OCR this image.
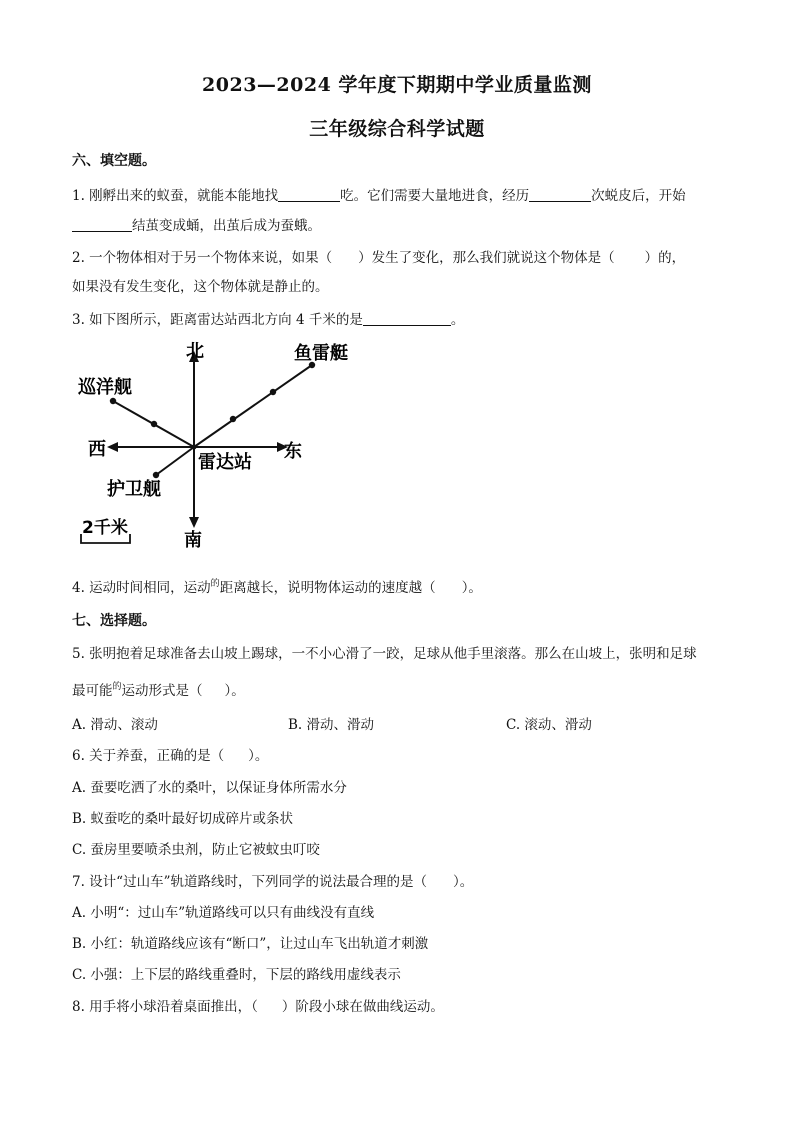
2023—2024 学年度下期期中学业质量监测
三年级综合科学试题
六、填空题。
1. 刚孵出来的蚁蚕，就能本能地找	吃。它们需要大量地进食，经历	次蜕皮后，开始
结茧变成蛹，出茧后成为蚕蛾。
2. 一个物体相对于另一个物体来说，如果（ ）发生了变化，那么我们就说这个物体是（ ）的，
如果没有发生变化，这个物体就是静止的。
3. 如下图所示，距离雷达站西北方向 4 千米的是	。
北
南
东
西
雷达站
鱼雷艇
巡洋舰
护卫舰
2千米
4. 运动时间相同，运动$^的$距离越长，说明物体运动的速度越（ ）。
七、选择题。
5. 张明抱着足球准备去山坡上踢球，一不小心滑了一跤，足球从他手里滚落。那么在山坡上，张明和足球
最可能$^的$运动形式是（ ）。
A. 滑动、滚动	B. 滑动、滑动	C. 滚动、滑动
6. 关于养蚕，正确的是（ ）。
A. 蚕要吃洒了水的桑叶，以保证身体所需水分
B. 蚁蚕吃的桑叶最好切成碎片或条状
C. 蚕房里要喷杀虫剂，防止它被蚊虫叮咬
7. 设计“过山车”轨道路线时，下列同学的说法最合理的是（ ）。
A. 小明“：过山车”轨道路线可以只有曲线没有直线
B. 小红：轨道路线应该有“断口”，让过山车飞出轨道才刺激
C. 小强：上下层的路线重叠时，下层的路线用虚线表示
8. 用手将小球沿着桌面推出，（ ）阶段小球在做曲线运动。
